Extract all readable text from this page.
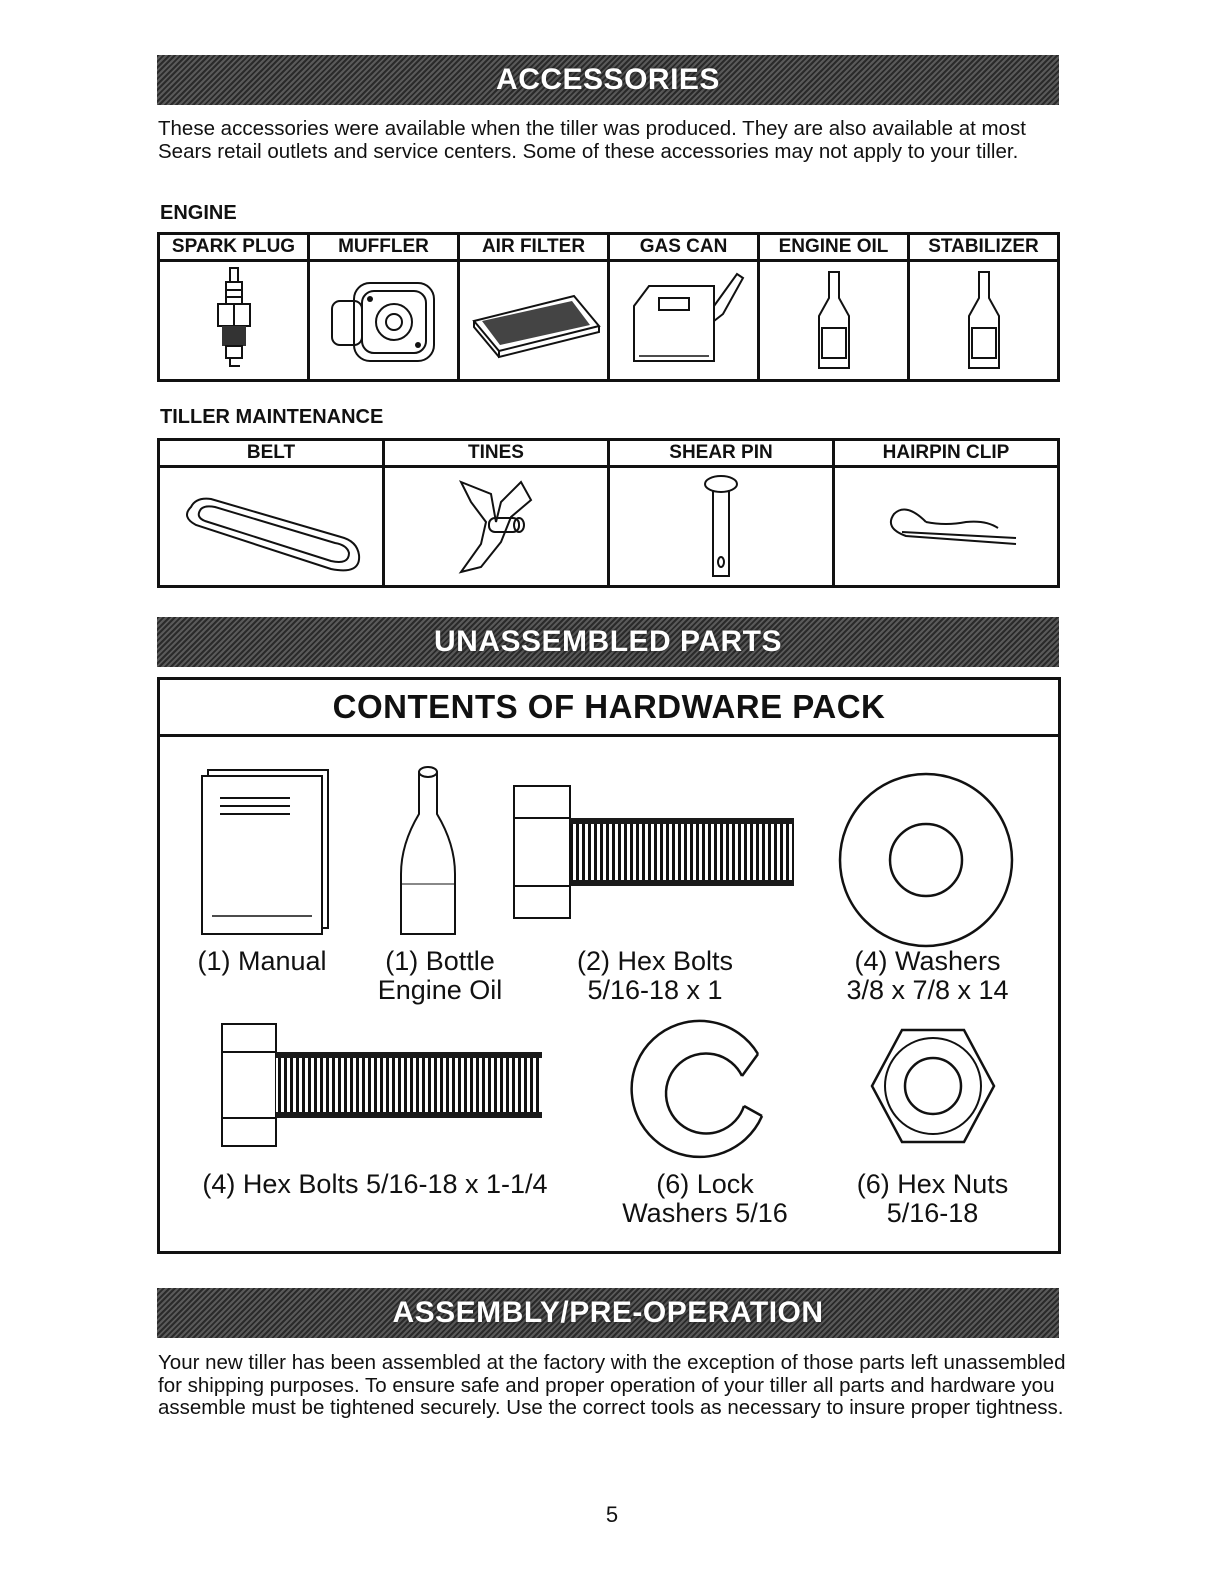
ACCESSORIES

These accessories were available when the tiller was produced. They are also available at most Sears retail outlets and service centers. Some of these accessories may not apply to your tiller.

ENGINE
SPARK PLUG	MUFFLER	AIR FILTER	GAS CAN	ENGINE OIL	STABILIZER

TILLER MAINTENANCE
BELT	TINES	SHEAR PIN	HAIRPIN CLIP

UNASSEMBLED PARTS
CONTENTS OF HARDWARE PACK
(1) Manual	(1) Bottle
Engine Oil
(2) Hex Bolts
5/16-18 x 1
(4) Washers
3/8 x 7/8 x 14
(4) Hex Bolts 5/16-18 x 1-1/4	(6) Lock
Washers 5/16
(6) Hex Nuts
5/16-18
ASSEMBLY/PRE-OPERATION

Your new tiller has been assembled at the factory with the exception of those parts left unassembled for shipping purposes. To ensure safe and proper operation of your tiller all parts and hardware you assemble must be tightened securely. Use the correct tools as necessary to insure proper tightness.

5
